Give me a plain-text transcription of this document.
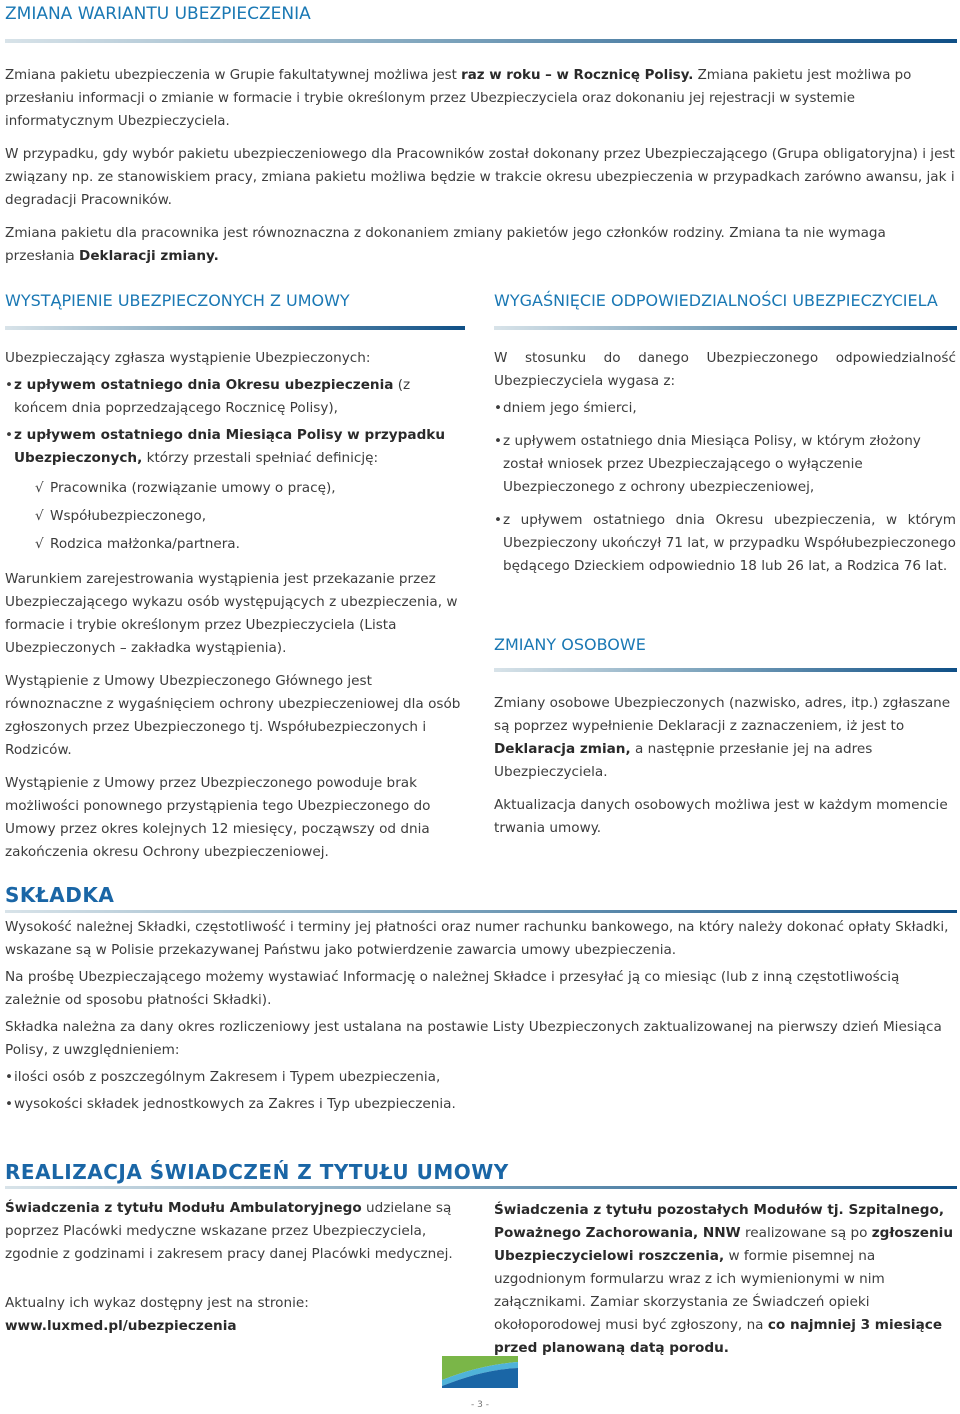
ZMIANA WARIANTU UBEZPIECZENIA

Zmiana pakietu ubezpieczenia w Grupie fakultatywnej możliwa jest raz w roku – w Rocznicę Polisy. Zmiana pakietu jest możliwa po przesłaniu informacji o zmianie w formacie i trybie określonym przez Ubezpieczyciela oraz dokonaniu jej rejestracji w systemie informatycznym Ubezpieczyciela.

W przypadku, gdy wybór pakietu ubezpieczeniowego dla Pracowników został dokonany przez Ubezpieczającego (Grupa obligatoryjna) i jest związany np. ze stanowiskiem pracy, zmiana pakietu możliwa będzie w trakcie okresu ubezpieczenia w przypadkach zarówno awansu, jak i degradacji Pracowników.

Zmiana pakietu dla pracownika jest równoznaczna z dokonaniem zmiany pakietów jego członków rodziny. Zmiana ta nie wymaga przesłania Deklaracji zmiany.

WYSTĄPIENIE UBEZPIECZONYCH Z UMOWY

Ubezpieczający zgłasza wystąpienie Ubezpieczonych:

• z upływem ostatniego dnia Okresu ubezpieczenia (z końcem dnia poprzedzającego Rocznicę Polisy),
• z upływem ostatniego dnia Miesiąca Polisy w przypadku Ubezpieczonych, którzy przestali spełniać definicję:
√ Pracownika (rozwiązanie umowy o pracę),
√ Współubezpieczonego,
√ Rodzica małżonka/partnera.

Warunkiem zarejestrowania wystąpienia jest przekazanie przez Ubezpieczającego wykazu osób występujących z ubezpieczenia, w formacie i trybie określonym przez Ubezpieczyciela (Lista Ubezpieczonych – zakładka wystąpienia).

Wystąpienie z Umowy Ubezpieczonego Głównego jest równoznaczne z wygaśnięciem ochrony ubezpieczeniowej dla osób zgłoszonych przez Ubezpieczonego tj. Współubezpieczonych i Rodziców.

Wystąpienie z Umowy przez Ubezpieczonego powoduje brak możliwości ponownego przystąpienia tego Ubezpieczonego do Umowy przez okres kolejnych 12 miesięcy, począwszy od dnia zakończenia okresu Ochrony ubezpieczeniowej.

WYGAŚNIĘCIE ODPOWIEDZIALNOŚCI UBEZPIECZYCIELA

W stosunku do danego Ubezpieczonego odpowiedzialność Ubezpieczyciela wygasa z:

• dniem jego śmierci,
• z upływem ostatniego dnia Miesiąca Polisy, w którym złożony został wniosek przez Ubezpieczającego o wyłączenie Ubezpieczonego z ochrony ubezpieczeniowej,
• z upływem ostatniego dnia Okresu ubezpieczenia, w którym Ubezpieczony ukończył 71 lat, w przypadku Współubezpieczonego będącego Dzieckiem odpowiednio 18 lub 26 lat, a Rodzica 76 lat.
ZMIANY OSOBOWE

Zmiany osobowe Ubezpieczonych (nazwisko, adres, itp.) zgłaszane są poprzez wypełnienie Deklaracji z zaznaczeniem, iż jest to Deklaracja zmian, a następnie przesłanie jej na adres Ubezpieczyciela.

Aktualizacja danych osobowych możliwa jest w każdym momencie trwania umowy.

SKŁADKA

Wysokość należnej Składki, częstotliwość i terminy jej płatności oraz numer rachunku bankowego, na który należy dokonać opłaty Składki, wskazane są w Polisie przekazywanej Państwu jako potwierdzenie zawarcia umowy ubezpieczenia.

Na prośbę Ubezpieczającego możemy wystawiać Informację o należnej Składce i przesyłać ją co miesiąc (lub z inną częstotliwością zależnie od sposobu płatności Składki).

Składka należna za dany okres rozliczeniowy jest ustalana na postawie Listy Ubezpieczonych zaktualizowanej na pierwszy dzień Miesiąca Polisy, z uwzględnieniem:

• ilości osób z poszczególnym Zakresem i Typem ubezpieczenia,
• wysokości składek jednostkowych za Zakres i Typ ubezpieczenia.
REALIZACJA ŚWIADCZEŃ Z TYTUŁU UMOWY

Świadczenia z tytułu Modułu Ambulatoryjnego udzielane są poprzez Placówki medyczne wskazane przez Ubezpieczyciela, zgodnie z godzinami i zakresem pracy danej Placówki medycznej.

Aktualny ich wykaz dostępny jest na stronie:

www.luxmed.pl/ubezpieczenia

Świadczenia z tytułu pozostałych Modułów tj. Szpitalnego, Poważnego Zachorowania, NNW realizowane są po zgłoszeniu Ubezpieczycielowi roszczenia, w formie pisemnej na uzgodnionym formularzu wraz z ich wymienionymi w nim załącznikami. Zamiar skorzystania ze Świadczeń opieki okołoporodowej musi być zgłoszony, na co najmniej 3 miesiące przed planowaną datą porodu.

- 3 -
